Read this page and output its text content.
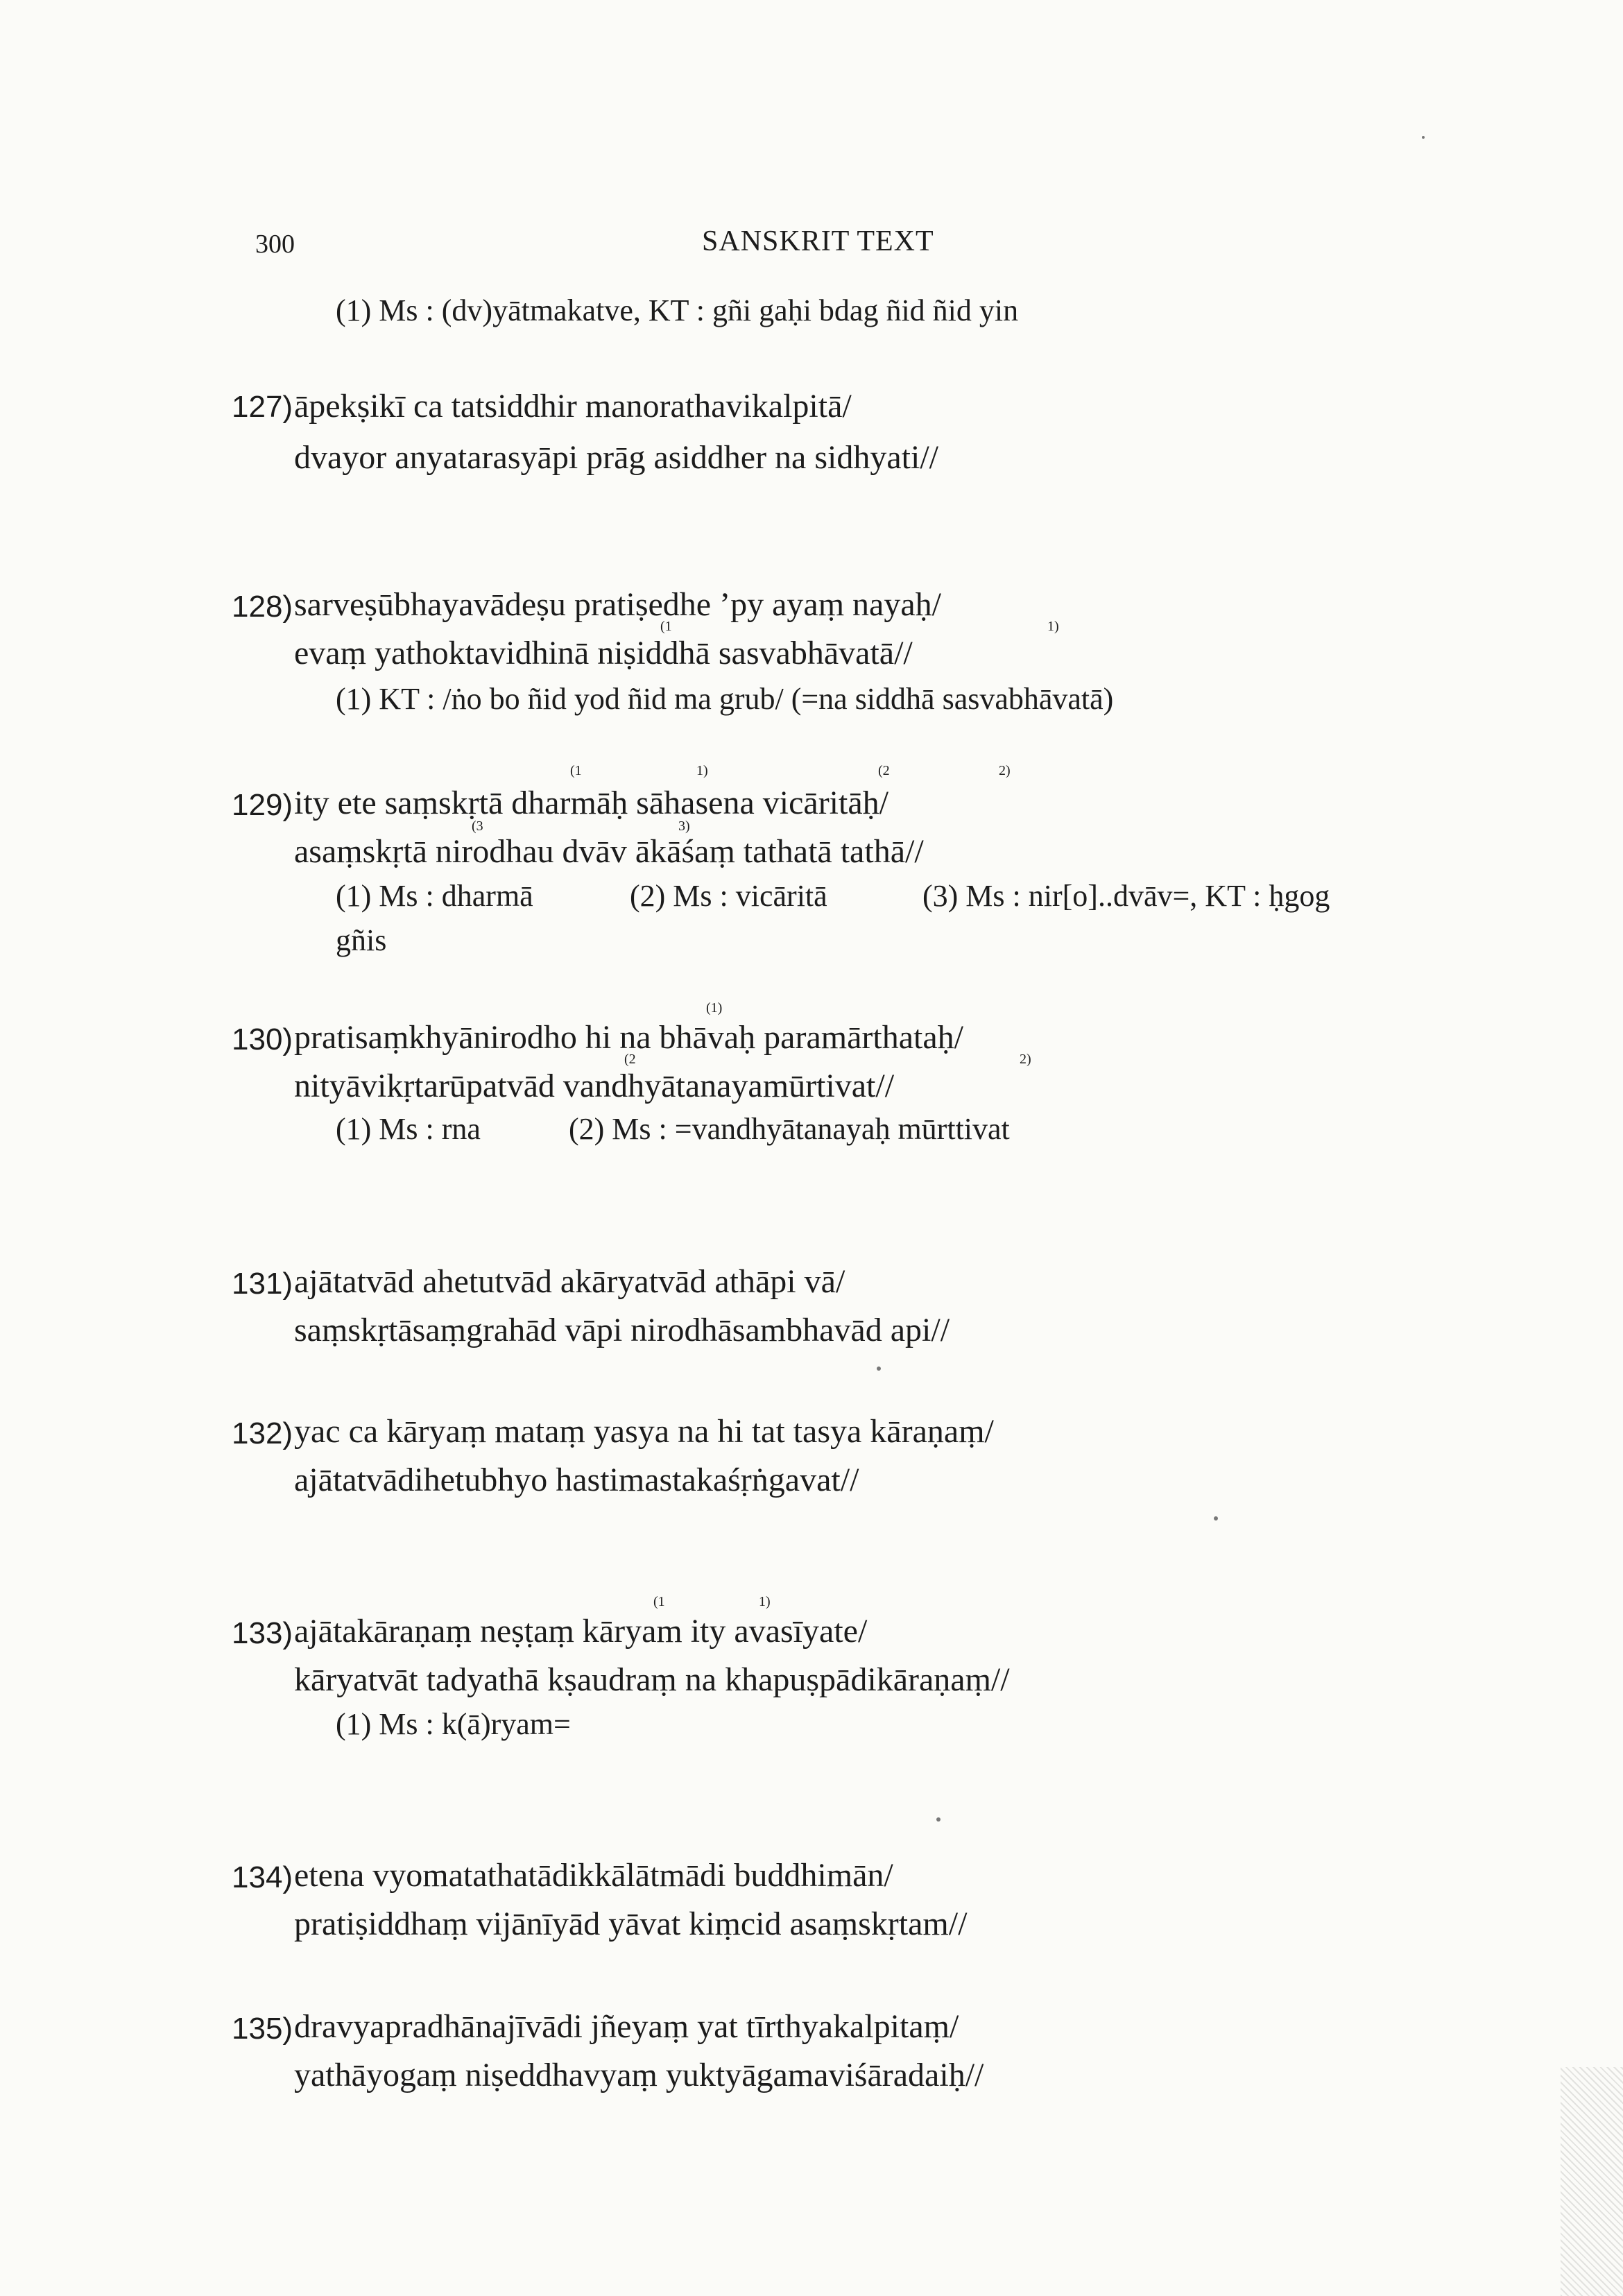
300	SANSKRIT TEXT
(1) Ms : (dv)yātmakatve, KT : gñi gaḥi bdag ñid ñid yin
127) āpekṣikī ca tatsiddhir manorathavikalpitā/
dvayor anyatarasyāpi prāg asiddher na sidhyati//
128) sarveṣūbhayavādeṣu pratiṣedhe ’py ayaṃ nayaḥ/
(1	1)
evaṃ yathoktavidhinā niṣiddhā sasvabhāvatā//
(1) KT : /ṅo bo ñid yod ñid ma grub/ (=na siddhā sasvabhāvatā)
(1	1)	(2	2)
129) ity ete saṃskṛtā dharmāḥ sāhasena vicāritāḥ/
(3	3)
asaṃskṛtā nirodhau dvāv ākāśaṃ tathatā tathā//
(1) Ms : dharmā	(2) Ms : vicāritā	(3) Ms : nir[o]..dvāv=, KT : ḥgog
gñis
(1)
130) pratisaṃkhyānirodho hi na bhāvaḥ paramārthataḥ/
(2	2)
nityāvikṛtarūpatvād vandhyātanayamūrtivat//
(1) Ms : rna	(2) Ms : =vandhyātanayaḥ mūrttivat
131) ajātatvād ahetutvād akāryatvād athāpi vā/
saṃskṛtāsaṃgrahād vāpi nirodhāsambhavād api//
132) yac ca kāryaṃ mataṃ yasya na hi tat tasya kāraṇaṃ/
ajātatvādihetubhyo hastimastakaśṛṅgavat//
(1	1)
133) ajātakāraṇaṃ neṣṭaṃ kāryam ity avasīyate/
kāryatvāt tadyathā kṣaudraṃ na khapuṣpādikāraṇaṃ//
(1) Ms : k(ā)ryam=
134) etena vyomatathatādikkālātmādi buddhimān/
pratiṣiddhaṃ vijānīyād yāvat kiṃcid asaṃskṛtam//
135) dravyapradhānajīvādi jñeyaṃ yat tīrthyakalpitaṃ/
yathāyogaṃ niṣeddhavyaṃ yuktyāgamaviśāradaiḥ//
